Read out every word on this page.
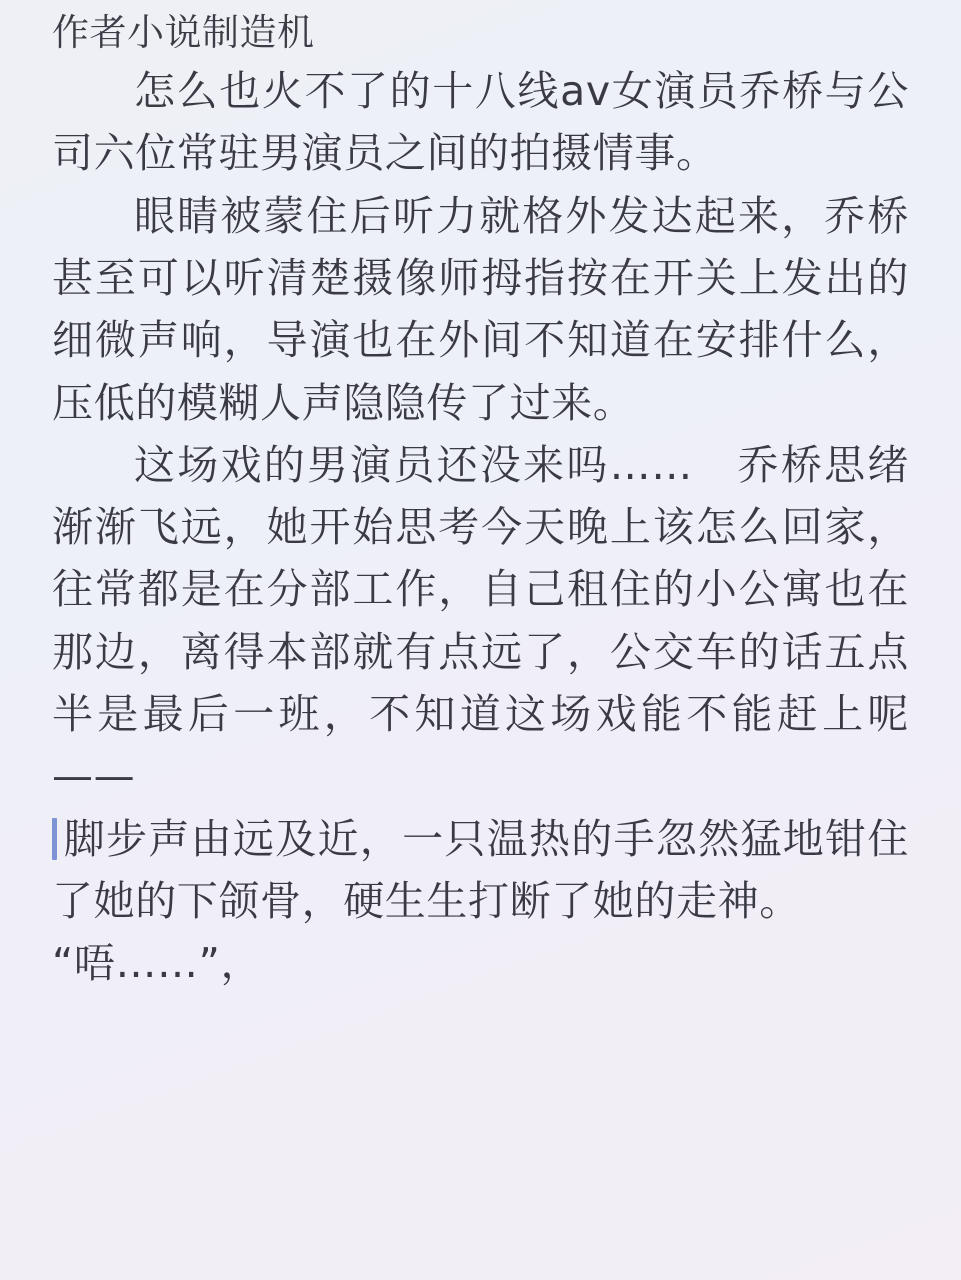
作者小说制造机

怎么也火不了的十八线av女演员乔桥与公司六位常驻男演员之间的拍摄情事。

眼睛被蒙住后听力就格外发达起来，乔桥甚至可以听清楚摄像师拇指按在开关上发出的细微声响，导演也在外间不知道在安排什么，压低的模糊人声隐隐传了过来。

这场戏的男演员还没来吗……　乔桥思绪渐渐飞远，她开始思考今天晚上该怎么回家，往常都是在分部工作，自己租住的小公寓也在那边，离得本部就有点远了，公交车的话五点半是最后一班，不知道这场戏能不能赶上呢——

脚步声由远及近，一只温热的手忽然猛地钳住了她的下颌骨，硬生生打断了她的走神。

“唔……”，
